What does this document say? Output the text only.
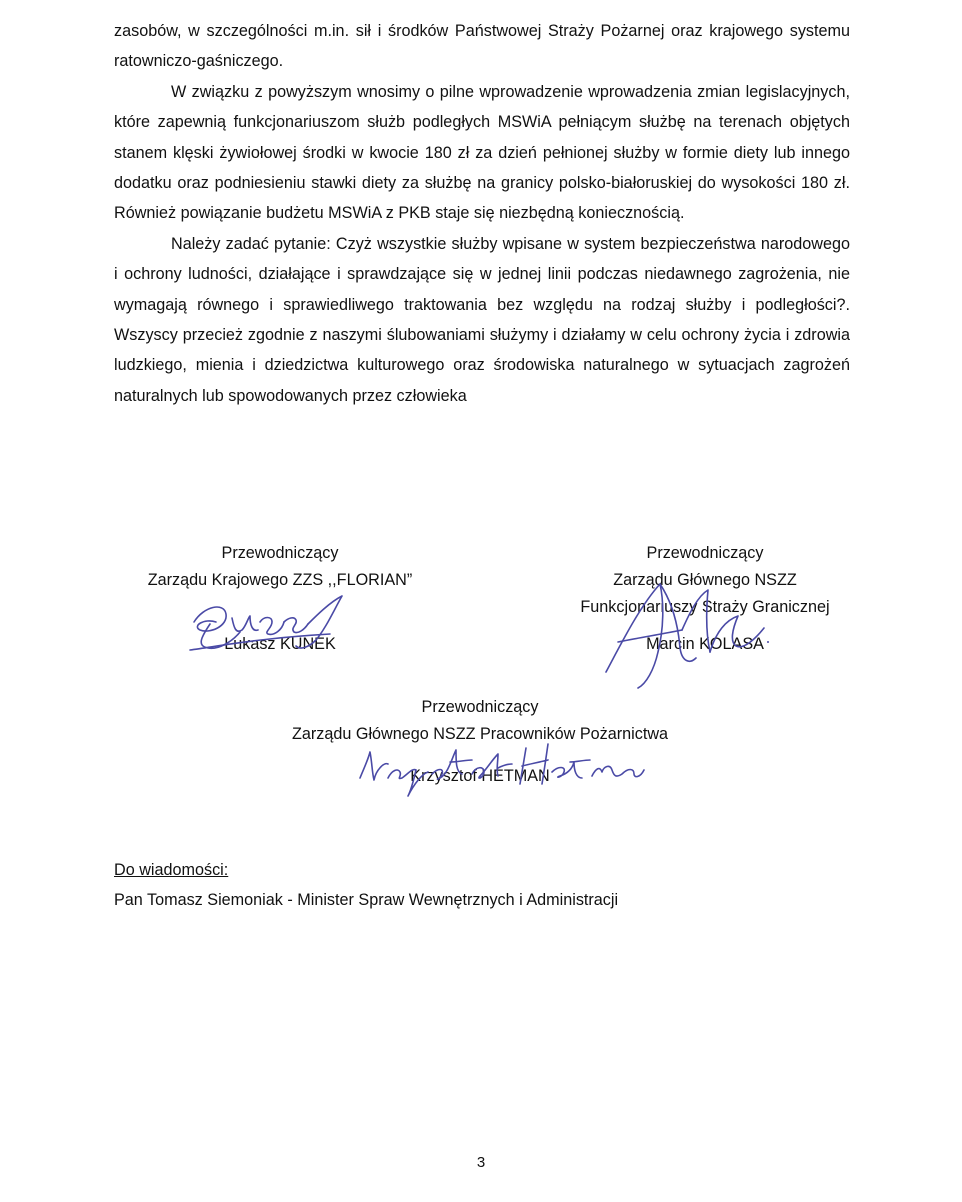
zasobów, w szczególności m.in. sił i środków Państwowej Straży Pożarnej oraz krajowego systemu ratowniczo-gaśniczego.

W związku z powyższym wnosimy o pilne wprowadzenie wprowadzenia zmian legislacyjnych, które zapewnią funkcjonariuszom służb podległych MSWiA pełniącym służbę na terenach objętych stanem klęski żywiołowej środki w kwocie 180 zł za dzień pełnionej służby w formie diety lub innego dodatku oraz podniesieniu stawki diety za służbę na granicy polsko-białoruskiej do wysokości 180 zł. Również powiązanie budżetu MSWiA z PKB staje się niezbędną koniecznością.

Należy zadać pytanie: Czyż wszystkie służby wpisane w system bezpieczeństwa narodowego i ochrony ludności, działające i sprawdzające się w jednej linii podczas niedawnego zagrożenia, nie wymagają równego i sprawiedliwego traktowania bez względu na rodzaj służby i podległości?. Wszyscy przecież zgodnie z naszymi ślubowaniami służymy i działamy w celu ochrony życia i zdrowia ludzkiego, mienia i dziedzictwa kulturowego oraz środowiska naturalnego w sytuacjach zagrożeń naturalnych lub spowodowanych przez człowieka

Przewodniczący
Zarządu Krajowego ZZS ,,FLORIAN”
Łukasz KUNEK
Przewodniczący
Zarządu Głównego NSZZ
Funkcjonariuszy Straży Granicznej
Marcin KOLASA
Przewodniczący
Zarządu Głównego NSZZ Pracowników Pożarnictwa
Krzysztof HETMAN
Do wiadomości:
Pan Tomasz Siemoniak - Minister Spraw Wewnętrznych i Administracji
3
